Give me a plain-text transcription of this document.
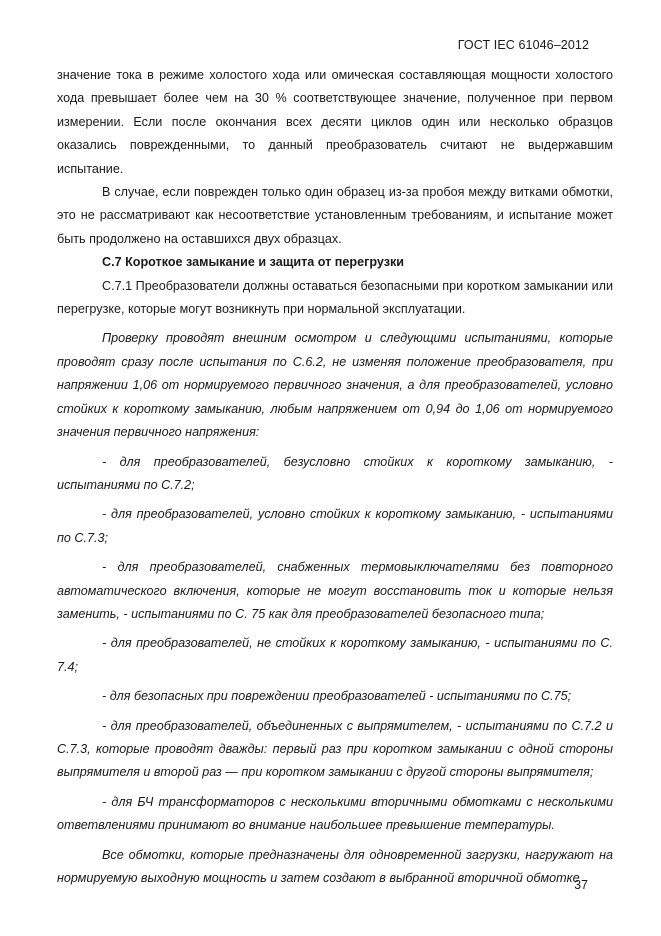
ГОСТ IEC 61046–2012

значение тока в режиме холостого хода или омическая составляющая мощности холостого хода превышает более чем на 30 % соответствующее значение, полученное при первом измерении. Если после окончания всех десяти циклов один или несколько образцов оказались поврежденными, то данный преобразователь считают не выдержавшим испытание.

В случае, если поврежден только один образец из-за пробоя между витками обмотки, это не рассматривают как несоответствие установленным требованиям, и испытание может быть продолжено на оставшихся двух образцах.

С.7 Короткое замыкание и защита от перегрузки

С.7.1 Преобразователи должны оставаться безопасными при коротком замыкании или перегрузке, которые могут возникнуть при нормальной эксплуатации.

Проверку проводят внешним осмотром и следующими испытаниями, которые проводят сразу после испытания по С.6.2, не изменяя положение преобразователя, при напряжении 1,06 от нормируемого первичного значения, а для преобразователей, условно стойких к короткому замыканию, любым напряжением от 0,94 до 1,06 от нормируемого значения первичного напряжения:

- для преобразователей, безусловно стойких к короткому замыканию, - испытаниями по С.7.2;

- для преобразователей, условно стойких к короткому замыканию, - испытаниями по С.7.3;

- для преобразователей, снабженных термовыключателями без повторного автоматического включения, которые не могут восстановить ток и которые нельзя заменить, - испытаниями по С. 75 как для преобразователей безопасного типа;

- для преобразователей, не стойких к короткому замыканию, - испытаниями по С. 7.4;

- для безопасных при повреждении преобразователей - испытаниями по С.75;

- для преобразователей, объединенных с выпрямителем, - испытаниями по С.7.2 и С.7.3, которые проводят дважды: первый раз при коротком замыкании с одной стороны выпрямителя и второй раз — при коротком замыкании с другой стороны выпрямителя;

- для БЧ трансформаторов с несколькими вторичными обмотками с несколькими ответвлениями принимают во внимание наибольшее превышение температуры.

Все обмотки, которые предназначены для одновременной загрузки, нагружают на нормируемую выходную мощность и затем создают в выбранной вторичной обмотке

37
